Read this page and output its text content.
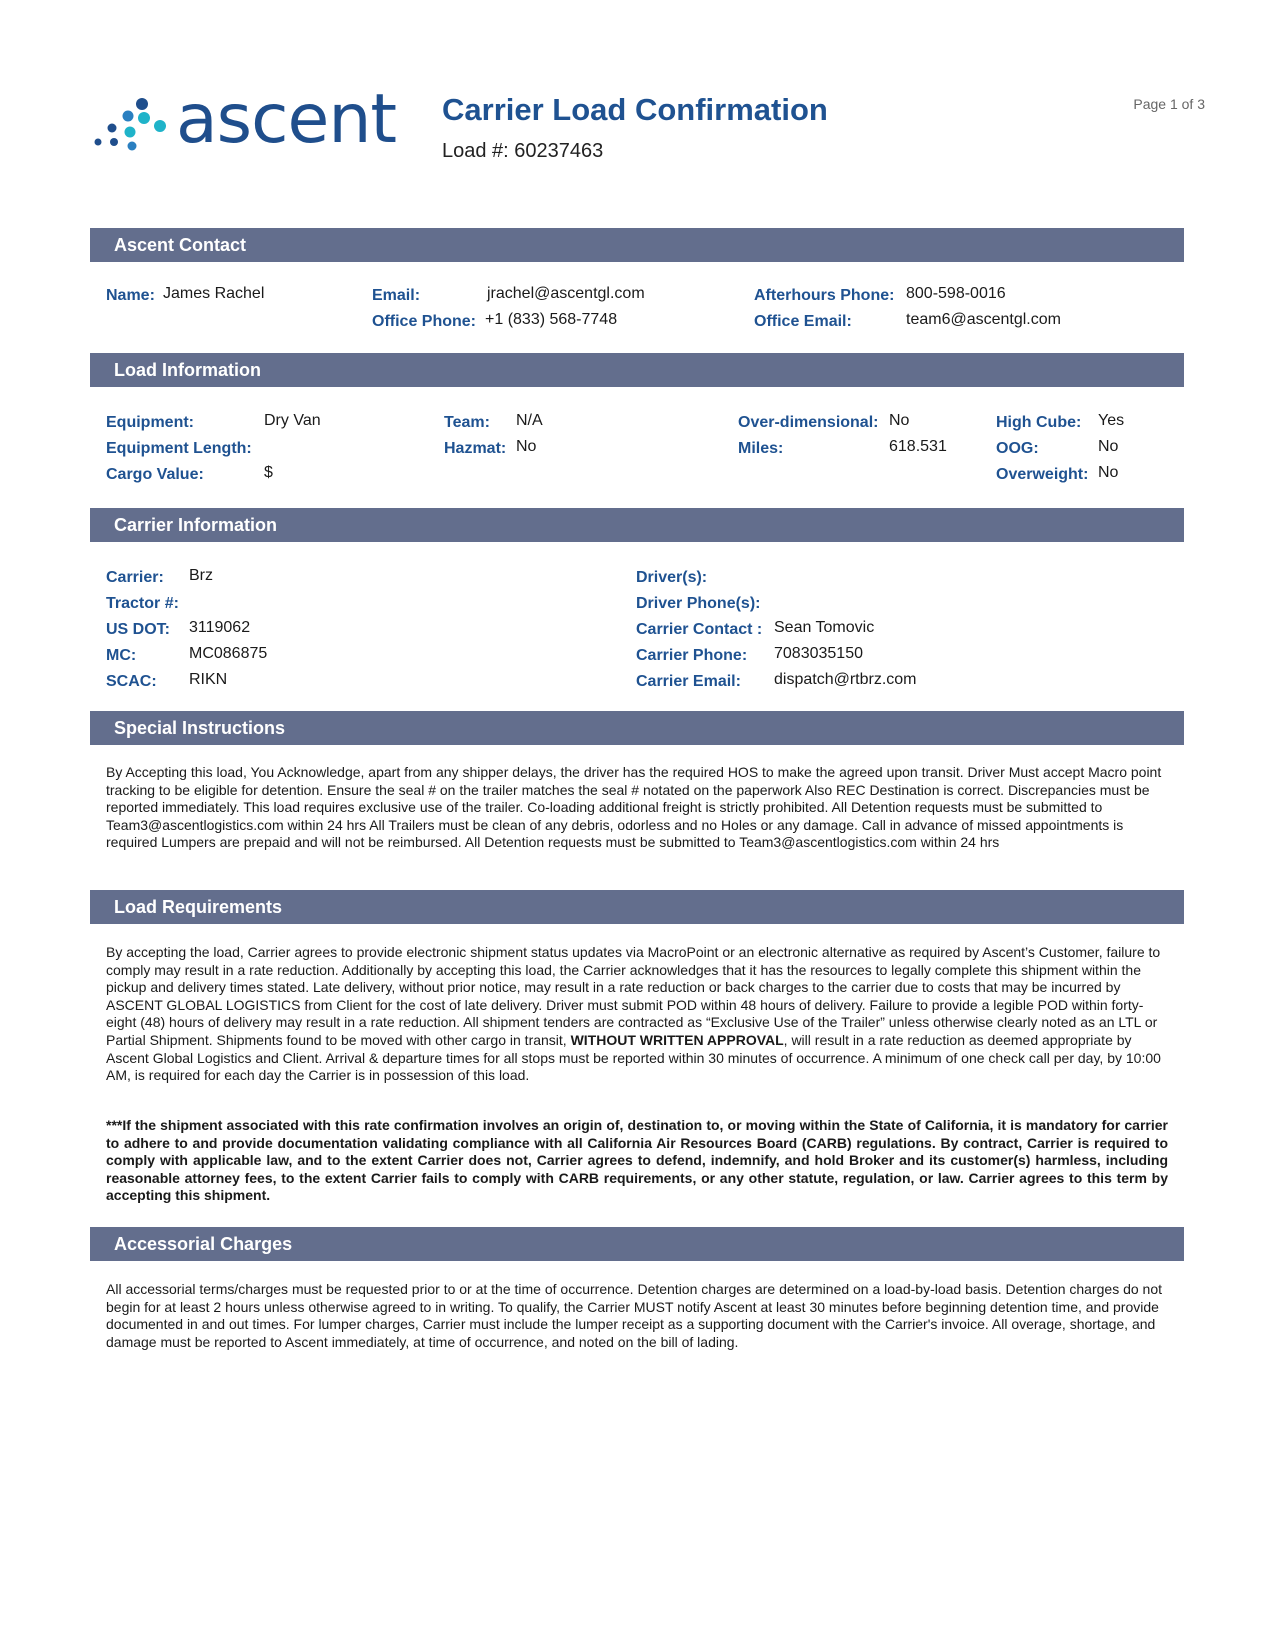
ascent Carrier Load Confirmation
Load #: 60237463
Page 1 of 3
Ascent Contact
Name: James Rachel	Email:	jrachel@ascentgl.com
Office Phone: +1 (833) 568-7748
Afterhours Phone: 800-598-0016
Office Email:	team6@ascentgl.com
Load Information
Equipment:	Dry Van
Equipment Length:
Cargo Value:	$
Team: N/A
Hazmat: No
Over-dimensional: No
Miles:	618.531
High Cube: Yes
OOG:	No
Overweight: No
Carrier Information
Carrier: Brz
Tractor #:
US DOT: 3119062
MC:	MC086875
SCAC: RIKN
Driver(s):
Driver Phone(s):
Carrier Contact : Sean Tomovic
Carrier Phone: 7083035150
Carrier Email: dispatch@rtbrz.com
Special Instructions
By Accepting this load, You Acknowledge, apart from any shipper delays, the driver has the required HOS to make the agreed upon transit. Driver Must accept Macro point tracking to be eligible for detention. Ensure the seal # on the trailer matches the seal # notated on the paperwork Also REC Destination is correct. Discrepancies must be reported immediately. This load requires exclusive use of the trailer. Co-loading additional freight is strictly prohibited. All Detention requests must be submitted to Team3@ascentlogistics.com within 24 hrs All Trailers must be clean of any debris, odorless and no Holes or any damage. Call in advance of missed appointments is required Lumpers are prepaid and will not be reimbursed. All Detention requests must be submitted to Team3@ascentlogistics.com within 24 hrs
Load Requirements
By accepting the load, Carrier agrees to provide electronic shipment status updates via MacroPoint or an electronic alternative as required by Ascent’s Customer, failure to comply may result in a rate reduction. Additionally by accepting this load, the Carrier acknowledges that it has the resources to legally complete this shipment within the pickup and delivery times stated. Late delivery, without prior notice, may result in a rate reduction or back charges to the carrier due to costs that may be incurred by ASCENT GLOBAL LOGISTICS from Client for the cost of late delivery. Driver must submit POD within 48 hours of delivery. Failure to provide a legible POD within forty-eight (48) hours of delivery may result in a rate reduction. All shipment tenders are contracted as “Exclusive Use of the Trailer” unless otherwise clearly noted as an LTL or Partial Shipment. Shipments found to be moved with other cargo in transit, WITHOUT WRITTEN APPROVAL, will result in a rate reduction as deemed appropriate by Ascent Global Logistics and Client. Arrival & departure times for all stops must be reported within 30 minutes of occurrence. A minimum of one check call per day, by 10:00 AM, is required for each day the Carrier is in possession of this load.
***If the shipment associated with this rate confirmation involves an origin of, destination to, or moving within the State of California, it is mandatory for carrier to adhere to and provide documentation validating compliance with all California Air Resources Board (CARB) regulations. By contract, Carrier is required to comply with applicable law, and to the extent Carrier does not, Carrier agrees to defend, indemnify, and hold Broker and its customer(s) harmless, including reasonable attorney fees, to the extent Carrier fails to comply with CARB requirements, or any other statute, regulation, or law. Carrier agrees to this term by accepting this shipment.
Accessorial Charges
All accessorial terms/charges must be requested prior to or at the time of occurrence. Detention charges are determined on a load-by-load basis. Detention charges do not begin for at least 2 hours unless otherwise agreed to in writing. To qualify, the Carrier MUST notify Ascent at least 30 minutes before beginning detention time, and provide documented in and out times. For lumper charges, Carrier must include the lumper receipt as a supporting document with the Carrier's invoice. All overage, shortage, and damage must be reported to Ascent immediately, at time of occurrence, and noted on the bill of lading.
